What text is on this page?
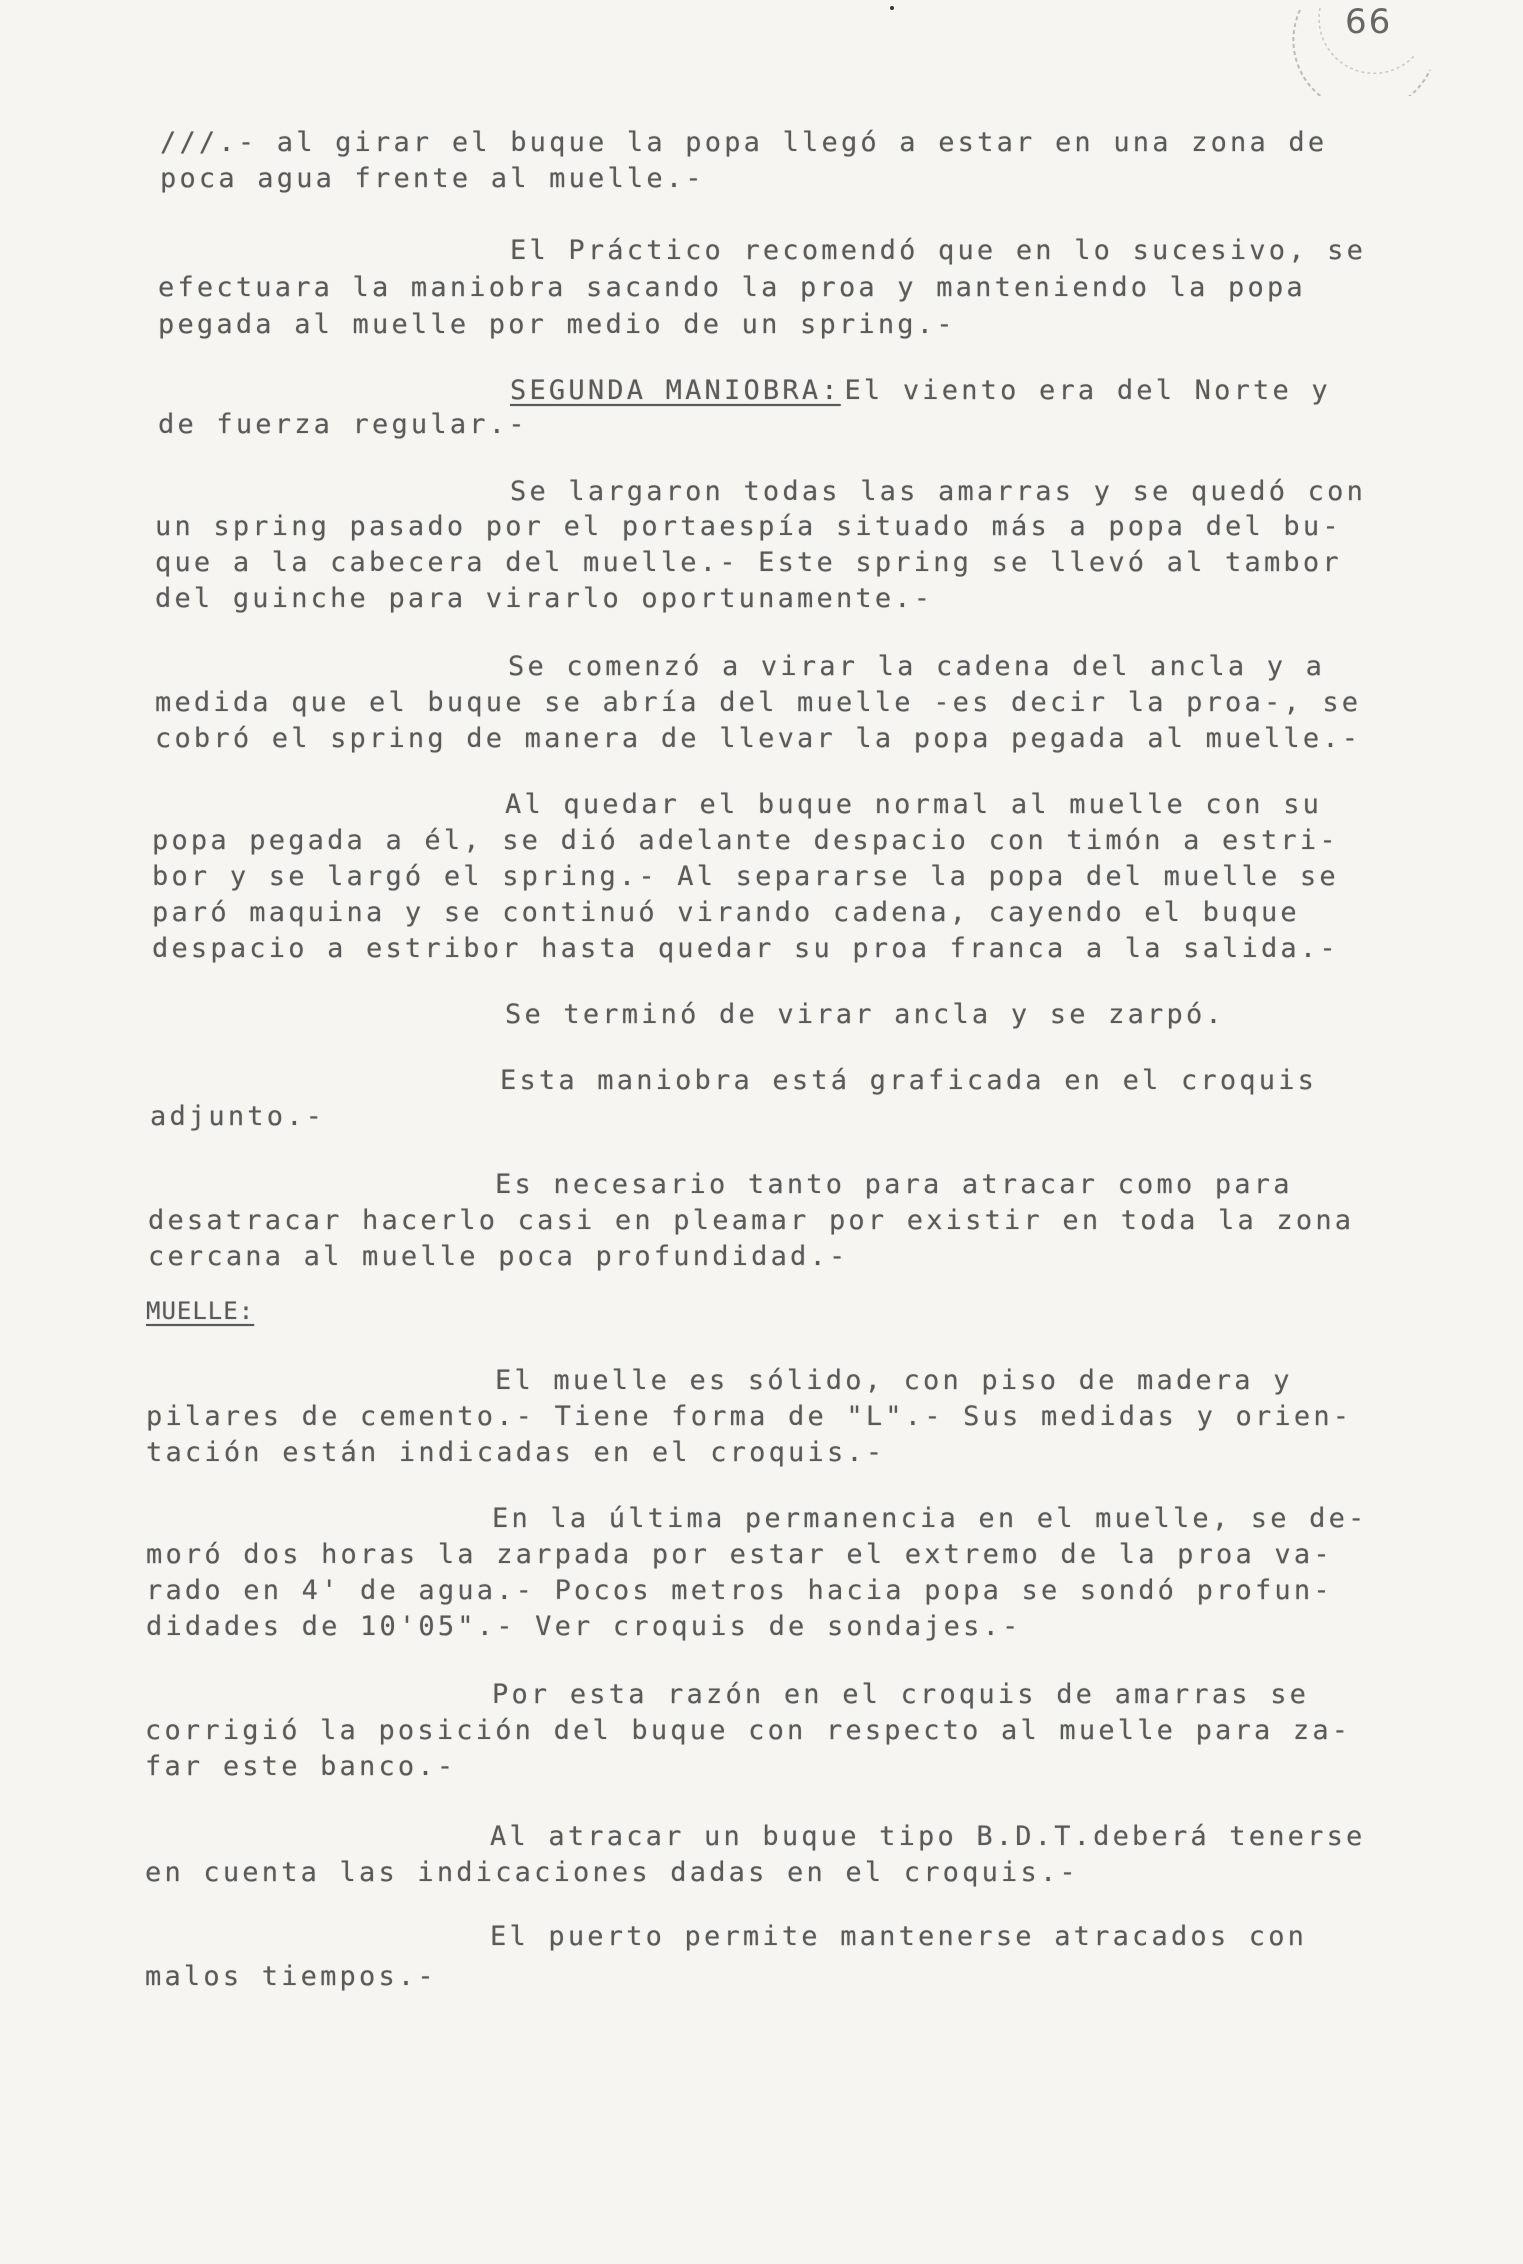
66
///.- al girar el buque la popa llegó a estar en una zona de
poca agua frente al muelle.-
El Práctico recomendó que en lo sucesivo, se
efectuara la maniobra sacando la proa y manteniendo la popa
pegada al muelle por medio de un spring.-
SEGUNDA MANIOBRA:
El viento era del Norte y
de fuerza regular.-
Se largaron todas las amarras y se quedó con
un spring pasado por el portaespía situado más a popa del bu-
que a la cabecera del muelle.- Este spring se llevó al tambor
del guinche para virarlo oportunamente.-
Se comenzó a virar la cadena del ancla y a
medida que el buque se abría del muelle -es decir la proa-, se
cobró el spring de manera de llevar la popa pegada al muelle.-
Al quedar el buque normal al muelle con su
popa pegada a él, se dió adelante despacio con timón a estri-
bor y se largó el spring.- Al separarse la popa del muelle se
paró maquina y se continuó virando cadena, cayendo el buque
despacio a estribor hasta quedar su proa franca a la salida.-
Se terminó de virar ancla y se zarpó.
Esta maniobra está graficada en el croquis
adjunto.-
Es necesario tanto para atracar como para
desatracar hacerlo casi en pleamar por existir en toda la zona
cercana al muelle poca profundidad.-
MUELLE:
El muelle es sólido, con piso de madera y
pilares de cemento.- Tiene forma de "L".- Sus medidas y orien-
tación están indicadas en el croquis.-
En la última permanencia en el muelle, se de-
moró dos horas la zarpada por estar el extremo de la proa va-
rado en 4' de agua.- Pocos metros hacia popa se sondó profun-
didades de 10'05".- Ver croquis de sondajes.-
Por esta razón en el croquis de amarras se
corrigió la posición del buque con respecto al muelle para za-
far este banco.-
Al atracar un buque tipo B.D.T.deberá tenerse
en cuenta las indicaciones dadas en el croquis.-
El puerto permite mantenerse atracados con
malos tiempos.-
